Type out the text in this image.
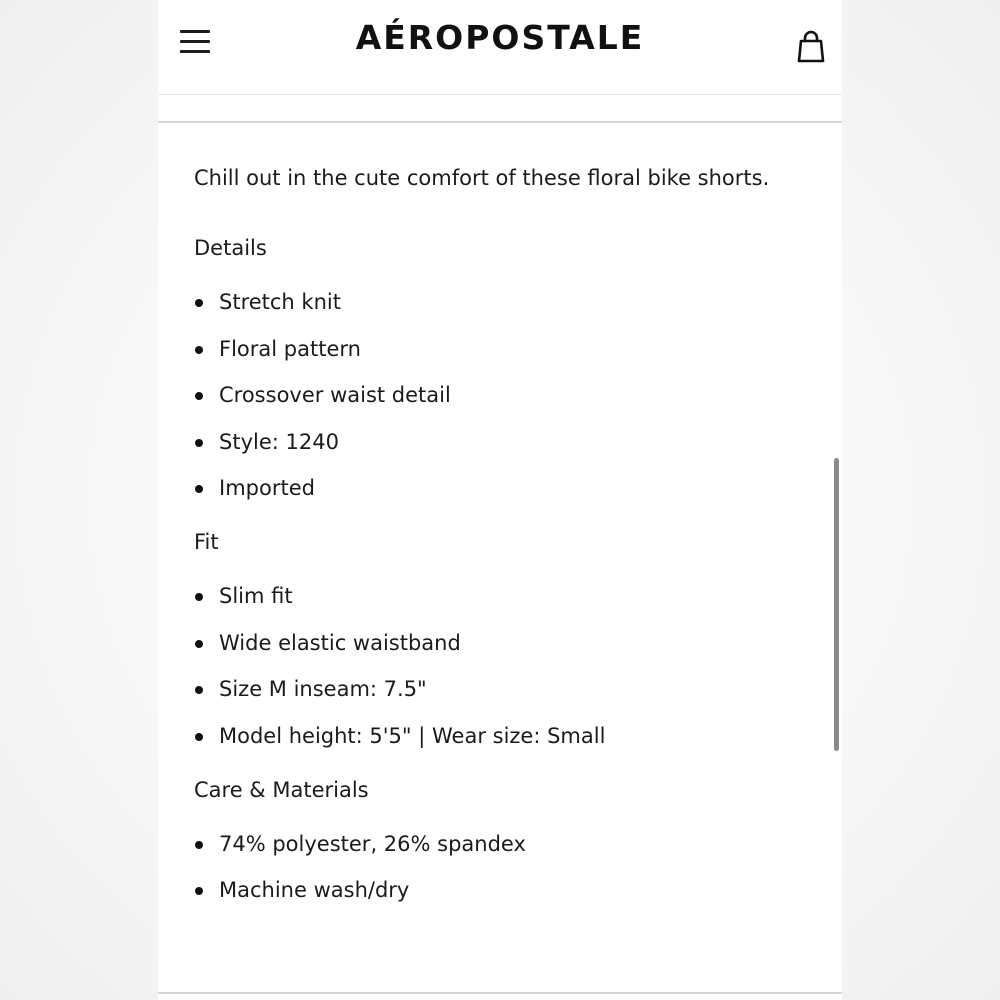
AÉROPOSTALE

Chill out in the cute comfort of these floral bike shorts.

Details

Stretch knit
Floral pattern
Crossover waist detail
Style: 1240
Imported

Fit

Slim fit
Wide elastic waistband
Size M inseam: 7.5"
Model height: 5'5" | Wear size: Small

Care & Materials

74% polyester, 26% spandex
Machine wash/dry
